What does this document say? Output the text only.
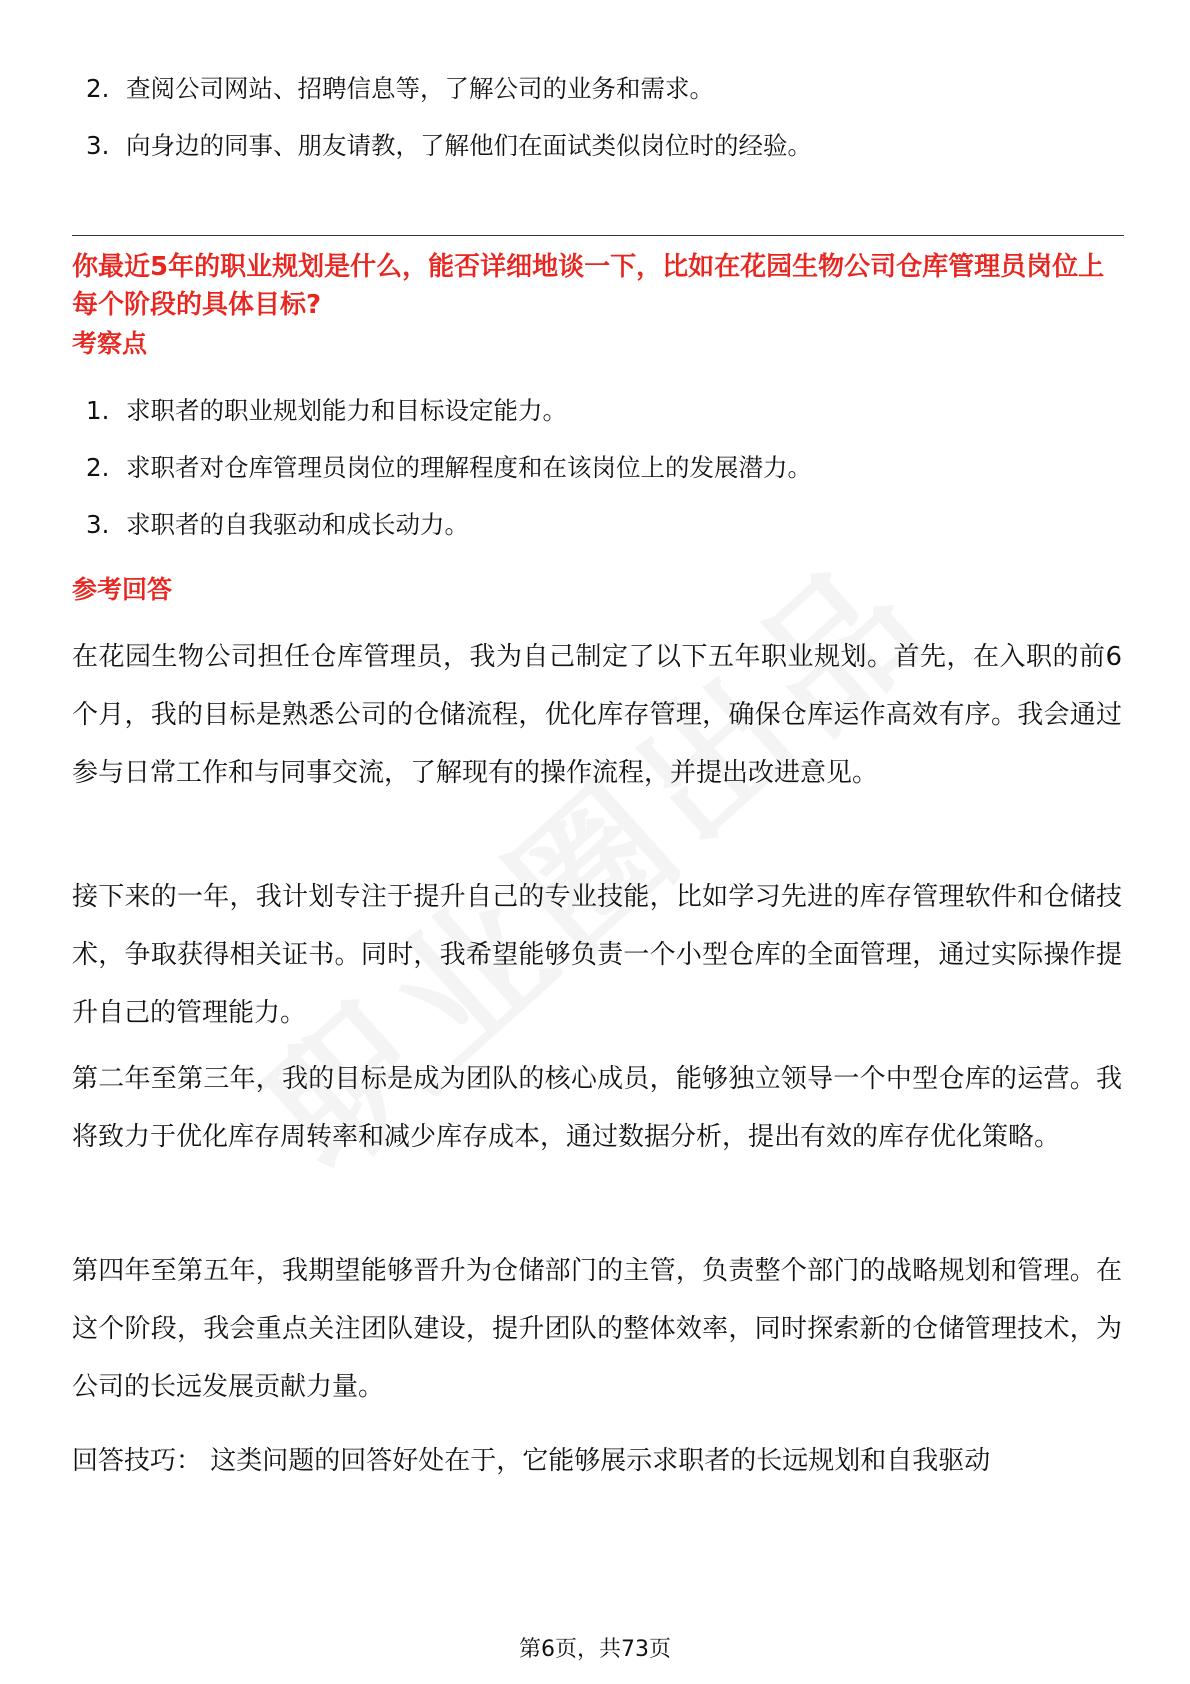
2. 查阅公司网站、招聘信息等，了解公司的业务和需求。
3. 向身边的同事、朋友请教，了解他们在面试类似岗位时的经验。
你最近5年的职业规划是什么，能否详细地谈一下，比如在花园生物公司仓库管理员岗位上每个阶段的具体目标?
考察点
1. 求职者的职业规划能力和目标设定能力。
2. 求职者对仓库管理员岗位的理解程度和在该岗位上的发展潜力。
3. 求职者的自我驱动和成长动力。
参考回答

在花园生物公司担任仓库管理员，我为自己制定了以下五年职业规划。首先，在入职的前6个月，我的目标是熟悉公司的仓储流程，优化库存管理，确保仓库运作高效有序。我会通过参与日常工作和与同事交流，了解现有的操作流程，并提出改进意见。

接下来的一年，我计划专注于提升自己的专业技能，比如学习先进的库存管理软件和仓储技术，争取获得相关证书。同时，我希望能够负责一个小型仓库的全面管理，通过实际操作提升自己的管理能力。

第二年至第三年，我的目标是成为团队的核心成员，能够独立领导一个中型仓库的运营。我将致力于优化库存周转率和减少库存成本，通过数据分析，提出有效的库存优化策略。

第四年至第五年，我期望能够晋升为仓储部门的主管，负责整个部门的战略规划和管理。在这个阶段，我会重点关注团队建设，提升团队的整体效率，同时探索新的仓储管理技术，为公司的长远发展贡献力量。

回答技巧： 这类问题的回答好处在于，它能够展示求职者的长远规划和自我驱动

第6页，共73页
